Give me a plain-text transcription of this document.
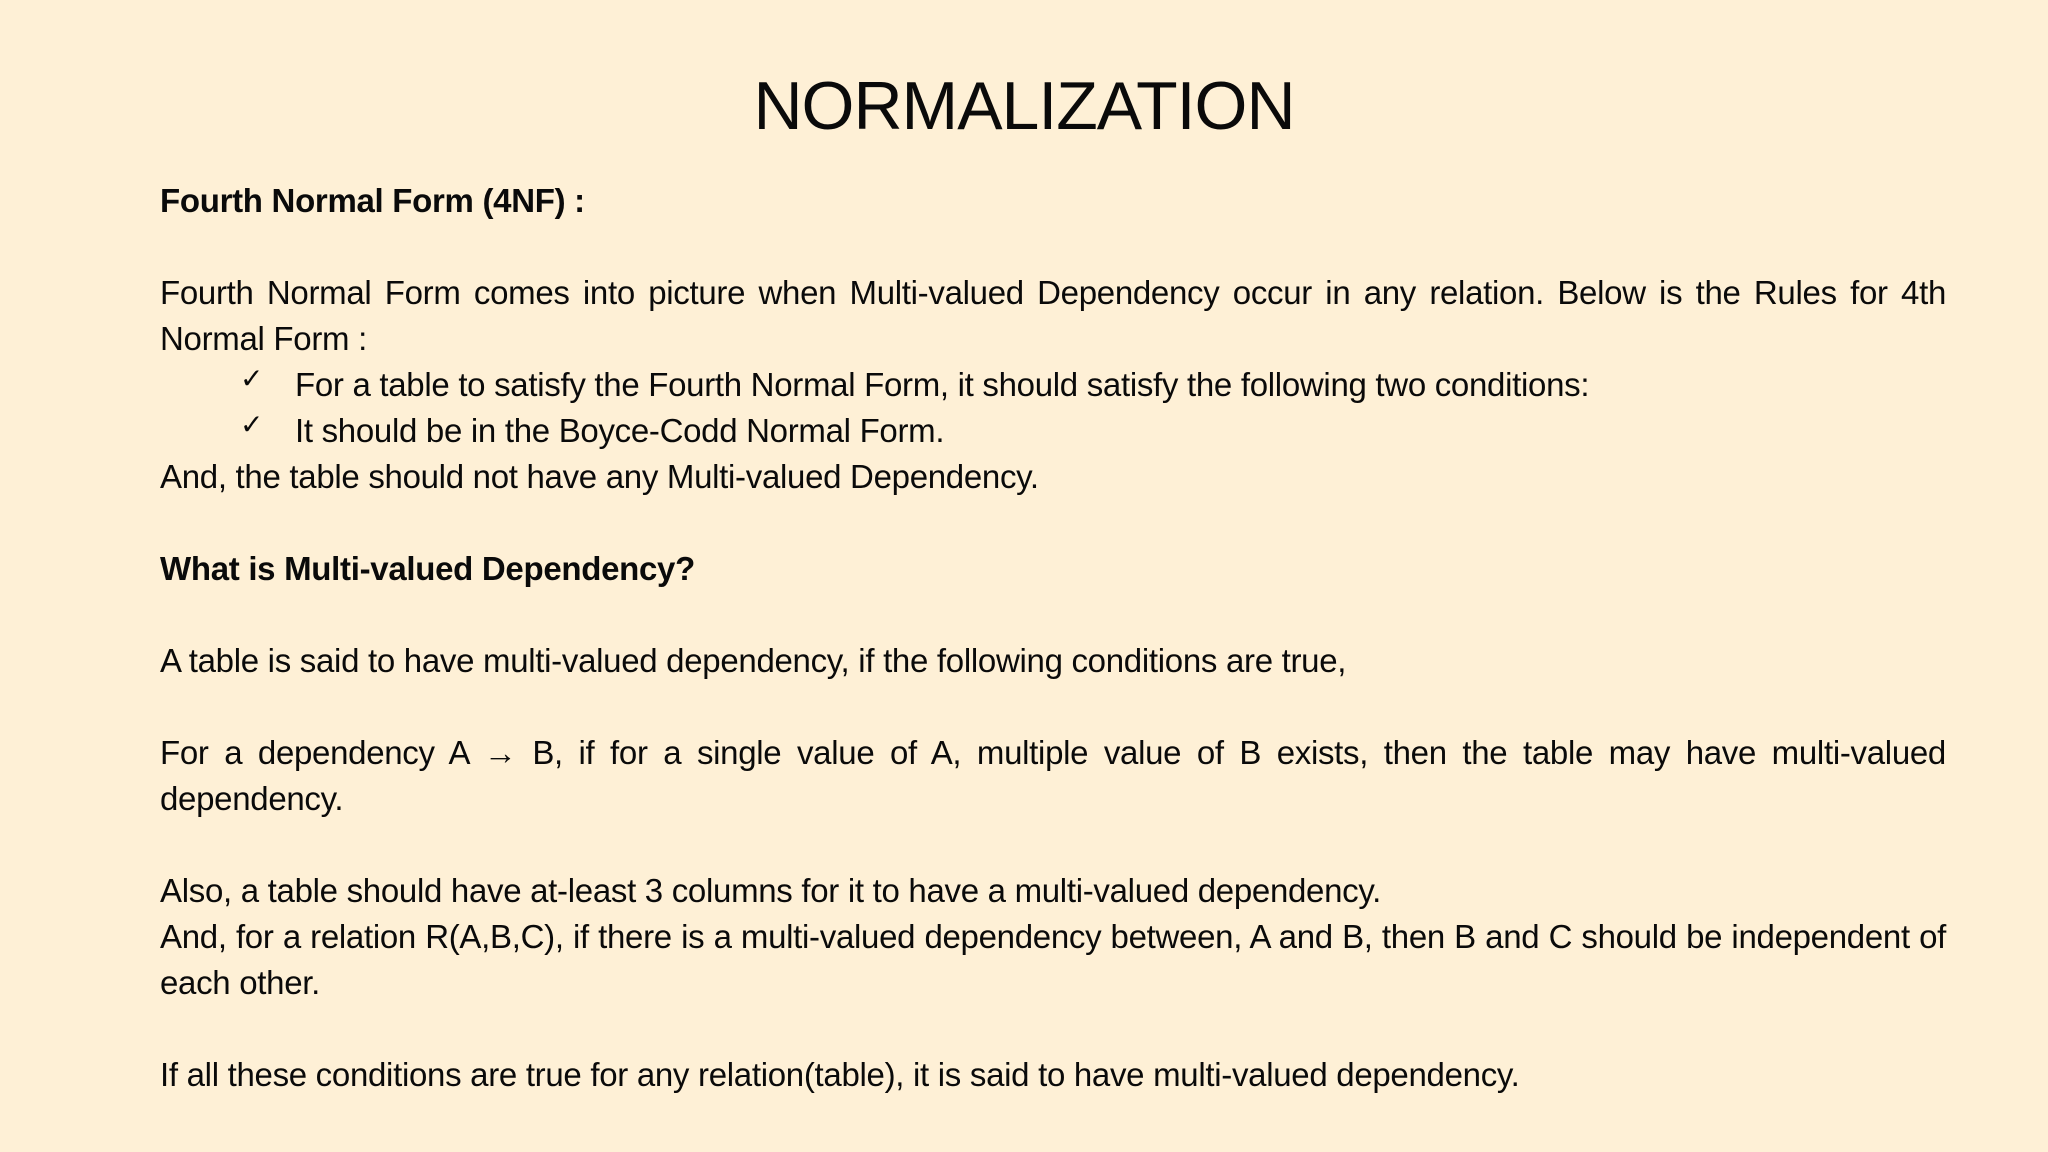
NORMALIZATION

Fourth Normal Form (4NF) :

Fourth Normal Form comes into picture when Multi-valued Dependency occur in any relation. Below is the Rules for 4th Normal Form :

✓ For a table to satisfy the Fourth Normal Form, it should satisfy the following two conditions:
✓ It should be in the Boyce-Codd Normal Form.

And, the table should not have any Multi-valued Dependency.

What is Multi-valued Dependency?

A table is said to have multi-valued dependency, if the following conditions are true,

For a dependency A → B, if for a single value of A, multiple value of B exists, then the table may have multi-valued dependency.

Also, a table should have at-least 3 columns for it to have a multi-valued dependency.

And, for a relation R(A,B,C), if there is a multi-valued dependency between, A and B, then B and C should be independent of each other.

If all these conditions are true for any relation(table), it is said to have multi-valued dependency.
